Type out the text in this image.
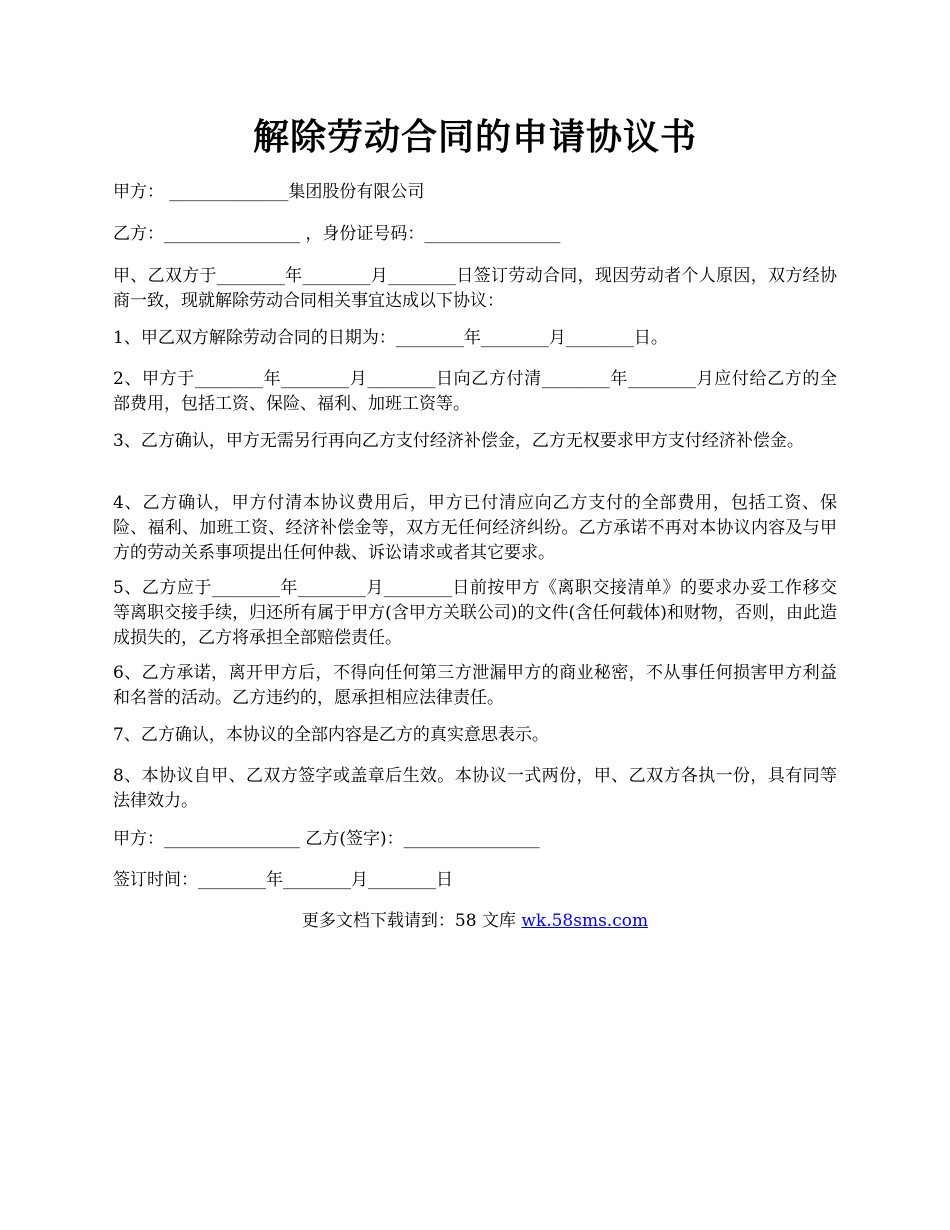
解除劳动合同的申请协议书

甲方： ______________集团股份有限公司

乙方：________________ ，身份证号码：________________

甲、乙双方于________年________月________日签订劳动合同，现因劳动者个人原因，双方经协商一致，现就解除劳动合同相关事宜达成以下协议：

1、甲乙双方解除劳动合同的日期为：________年________月________日。

2、甲方于________年________月________日向乙方付清________年________月应付给乙方的全部费用，包括工资、保险、福利、加班工资等。

3、乙方确认，甲方无需另行再向乙方支付经济补偿金，乙方无权要求甲方支付经济补偿金。

4、乙方确认，甲方付清本协议费用后，甲方已付清应向乙方支付的全部费用，包括工资、保险、福利、加班工资、经济补偿金等，双方无任何经济纠纷。乙方承诺不再对本协议内容及与甲方的劳动关系事项提出任何仲裁、诉讼请求或者其它要求。

5、乙方应于________年________月________日前按甲方《离职交接清单》的要求办妥工作移交等离职交接手续，归还所有属于甲方(含甲方关联公司)的文件(含任何载体)和财物，否则，由此造成损失的，乙方将承担全部赔偿责任。

6、乙方承诺，离开甲方后，不得向任何第三方泄漏甲方的商业秘密，不从事任何损害甲方利益和名誉的活动。乙方违约的，愿承担相应法律责任。

7、乙方确认，本协议的全部内容是乙方的真实意思表示。

8、本协议自甲、乙双方签字或盖章后生效。本协议一式两份，甲、乙双方各执一份，具有同等法律效力。

甲方：________________ 乙方(签字)：________________

签订时间：________年________月________日

更多文档下载请到：58 文库 wk.58sms.com
